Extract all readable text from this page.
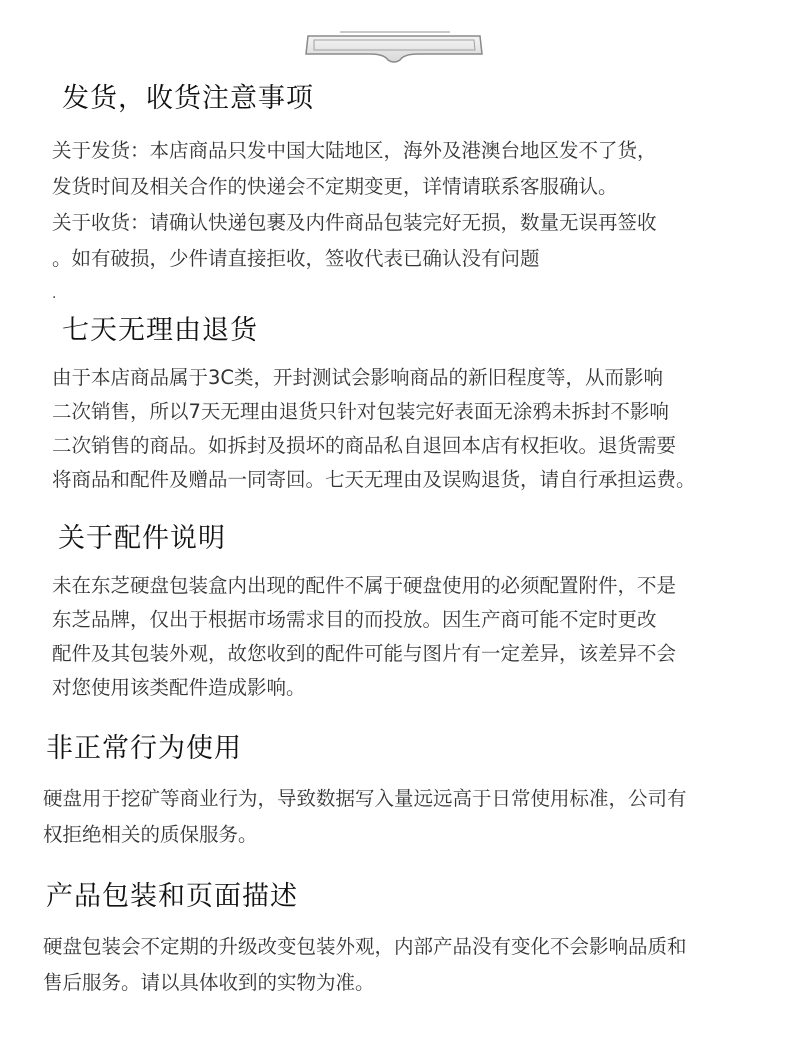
发货，收货注意事项

关于发货：本店商品只发中国大陆地区，海外及港澳台地区发不了货，

发货时间及相关合作的快递会不定期变更，详情请联系客服确认。

关于收货：请确认快递包裹及内件商品包装完好无损，数量无误再签收

。如有破损，少件请直接拒收，签收代表已确认没有问题

.
七天无理由退货

由于本店商品属于3C类，开封测试会影响商品的新旧程度等，从而影响

二次销售，所以7天无理由退货只针对包装完好表面无涂鸦未拆封不影响

二次销售的商品。如拆封及损坏的商品私自退回本店有权拒收。退货需要

将商品和配件及赠品一同寄回。七天无理由及误购退货，请自行承担运费。

关于配件说明

未在东芝硬盘包装盒内出现的配件不属于硬盘使用的必须配置附件，不是

东芝品牌，仅出于根据市场需求目的而投放。因生产商可能不定时更改

配件及其包装外观，故您收到的配件可能与图片有一定差异，该差异不会

对您使用该类配件造成影响。

非正常行为使用

硬盘用于挖矿等商业行为，导致数据写入量远远高于日常使用标准，公司有

权拒绝相关的质保服务。

产品包装和页面描述

硬盘包装会不定期的升级改变包装外观，内部产品没有变化不会影响品质和

售后服务。请以具体收到的实物为准。
